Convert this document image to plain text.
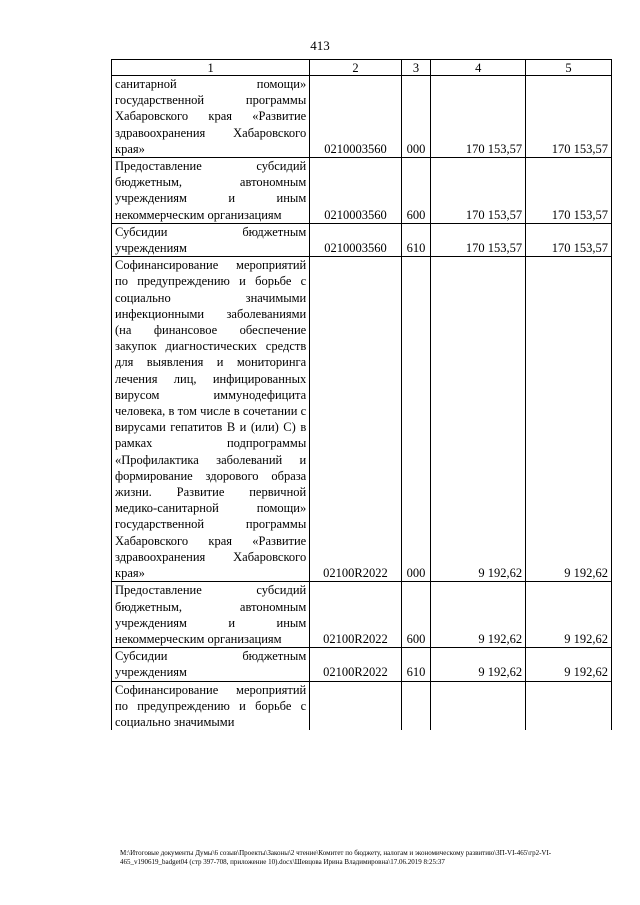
413
1	2	3	4	5
санитарной помощи» государственной программы Хабаровского края «Развитие здравоохранения Хабаровского края»	0210003560	000	170 153,57	170 153,57
Предоставление субсидий бюджетным, автономным учреждениям и иным некоммерческим организациям	0210003560	600	170 153,57	170 153,57
Субсидии бюджетным учреждениям	0210003560	610	170 153,57	170 153,57
Софинансирование мероприятий по предупреждению и борьбе с социально значимыми инфекционными заболеваниями (на финансовое обеспечение закупок диагностических средств для выявления и мониторинга лечения лиц, инфицированных вирусом иммунодефицита человека, в том числе в сочетании с вирусами гепатитов В и (или) С) в рамках подпрограммы «Профилактика заболеваний и формирование здорового образа жизни. Развитие первичной медико-санитарной помощи» государственной программы Хабаровского края «Развитие здравоохранения Хабаровского края»	02100R2022	000	9 192,62	9 192,62
Предоставление субсидий бюджетным, автономным учреждениям и иным некоммерческим организациям	02100R2022	600	9 192,62	9 192,62
Субсидии бюджетным учреждениям	02100R2022	610	9 192,62	9 192,62
Софинансирование мероприятий по предупреждению и борьбе с социально значимыми				
M:\Итоговые документы Думы\6 созыв\Проекты\Законы\2 чтение\Комитет по бюджету, налогам и экономическому развитию\ЗП-VI-465\гр2-VI-465_v190619_badget04 (стр 397-708, приложение 10).docx\Шевцова Ирина Владимировна\17.06.2019 8:25:37
